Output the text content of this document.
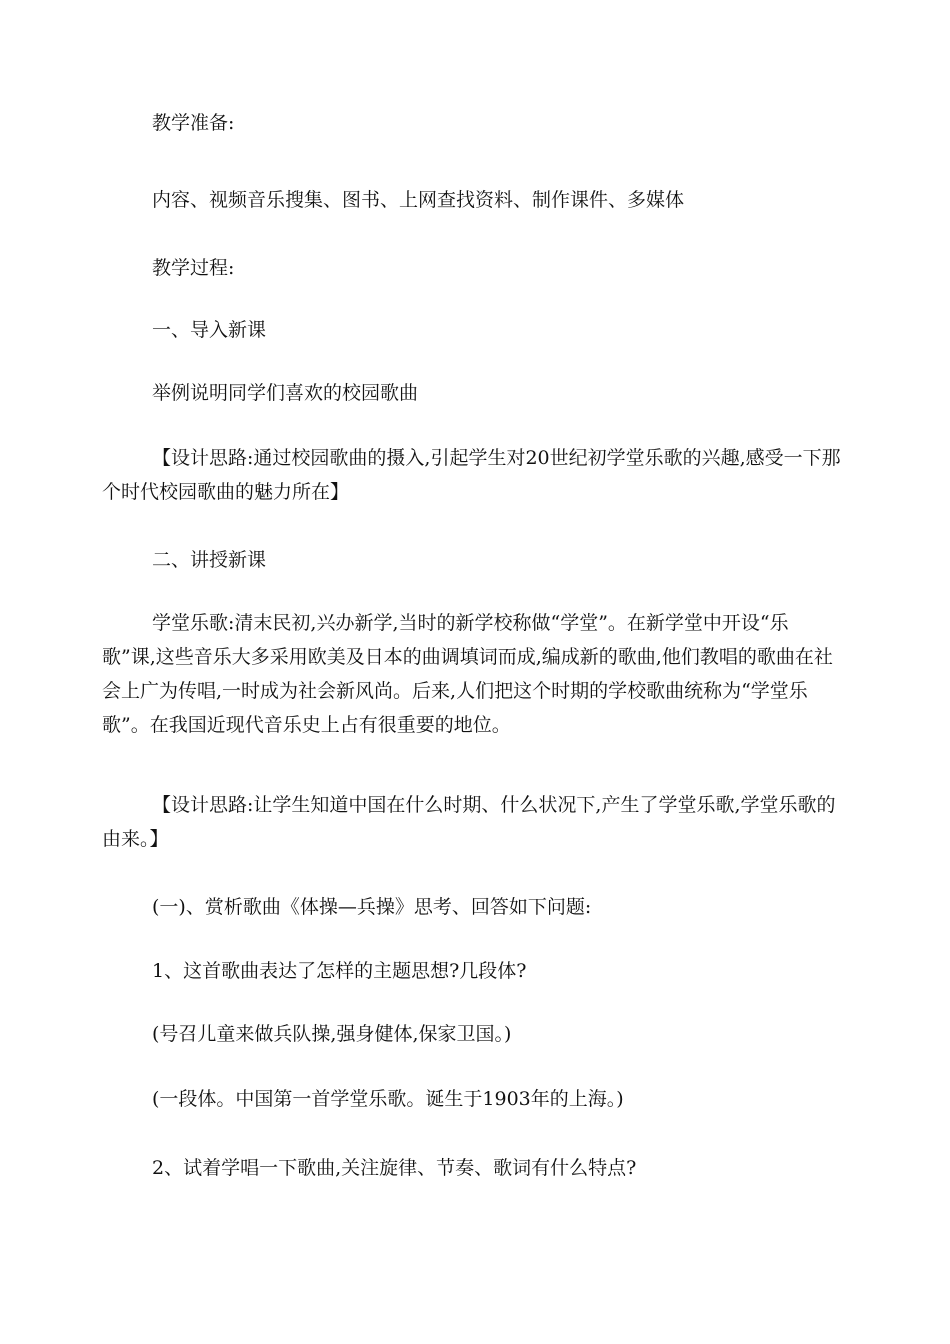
教学准备:

内容、视频音乐搜集、图书、上网查找资料、制作课件、多媒体

教学过程:

一、导入新课

举例说明同学们喜欢的校园歌曲

【设计思路:通过校园歌曲的摄入,引起学生对20世纪初学堂乐歌的兴趣,感受一下那个时代校园歌曲的魅力所在】

二、讲授新课

学堂乐歌:清末民初,兴办新学,当时的新学校称做“学堂”。在新学堂中开设“乐歌”课,这些音乐大多采用欧美及日本的曲调填词而成,编成新的歌曲,他们教唱的歌曲在社会上广为传唱,一时成为社会新风尚。后来,人们把这个时期的学校歌曲统称为“学堂乐歌”。在我国近现代音乐史上占有很重要的地位。

【设计思路:让学生知道中国在什么时期、什么状况下,产生了学堂乐歌,学堂乐歌的由来。】

(一)、赏析歌曲《体操—兵操》思考、回答如下问题:

1、这首歌曲表达了怎样的主题思想?几段体?

(号召儿童来做兵队操,强身健体,保家卫国。)

(一段体。中国第一首学堂乐歌。诞生于1903年的上海。)

2、试着学唱一下歌曲,关注旋律、节奏、歌词有什么特点?
